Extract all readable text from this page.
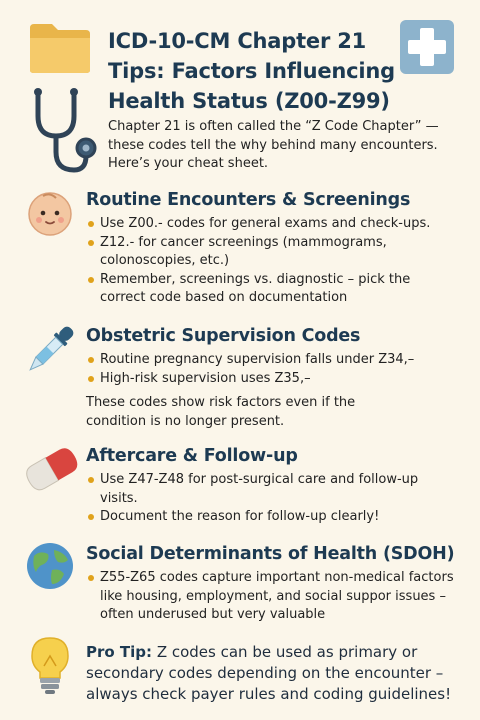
ICD-10-CM Chapter 21 Tips: Factors Influencing Health Status (Z00-Z99)
Chapter 21 is often called the “Z Code Chapter” — these codes tell the why behind many encounters. Here’s your cheat sheet.
Routine Encounters & Screenings
Use Z00.- codes for general exams and check-ups.
Z12.- for cancer screenings (mammograms, colonoscopies, etc.)
Remember, screenings vs. diagnostic – pick the correct code based on documentation
Obstetric Supervision Codes
Routine pregnancy supervision falls under Z34,–
High-risk supervision uses Z35,–
These codes show risk factors even if the condition is no longer present.
Aftercare & Follow-up
Use Z47-Z48 for post-surgical care and follow-up visits.
Document the reason for follow-up clearly!
Social Determinants of Health (SDOH)
Z55-Z65 codes capture important non-medical factors like housing, employment, and social suppor issues – often underused but very valuable
Pro Tip: Z codes can be used as primary or secondary codes depending on the encounter – always check payer rules and coding guidelines!
